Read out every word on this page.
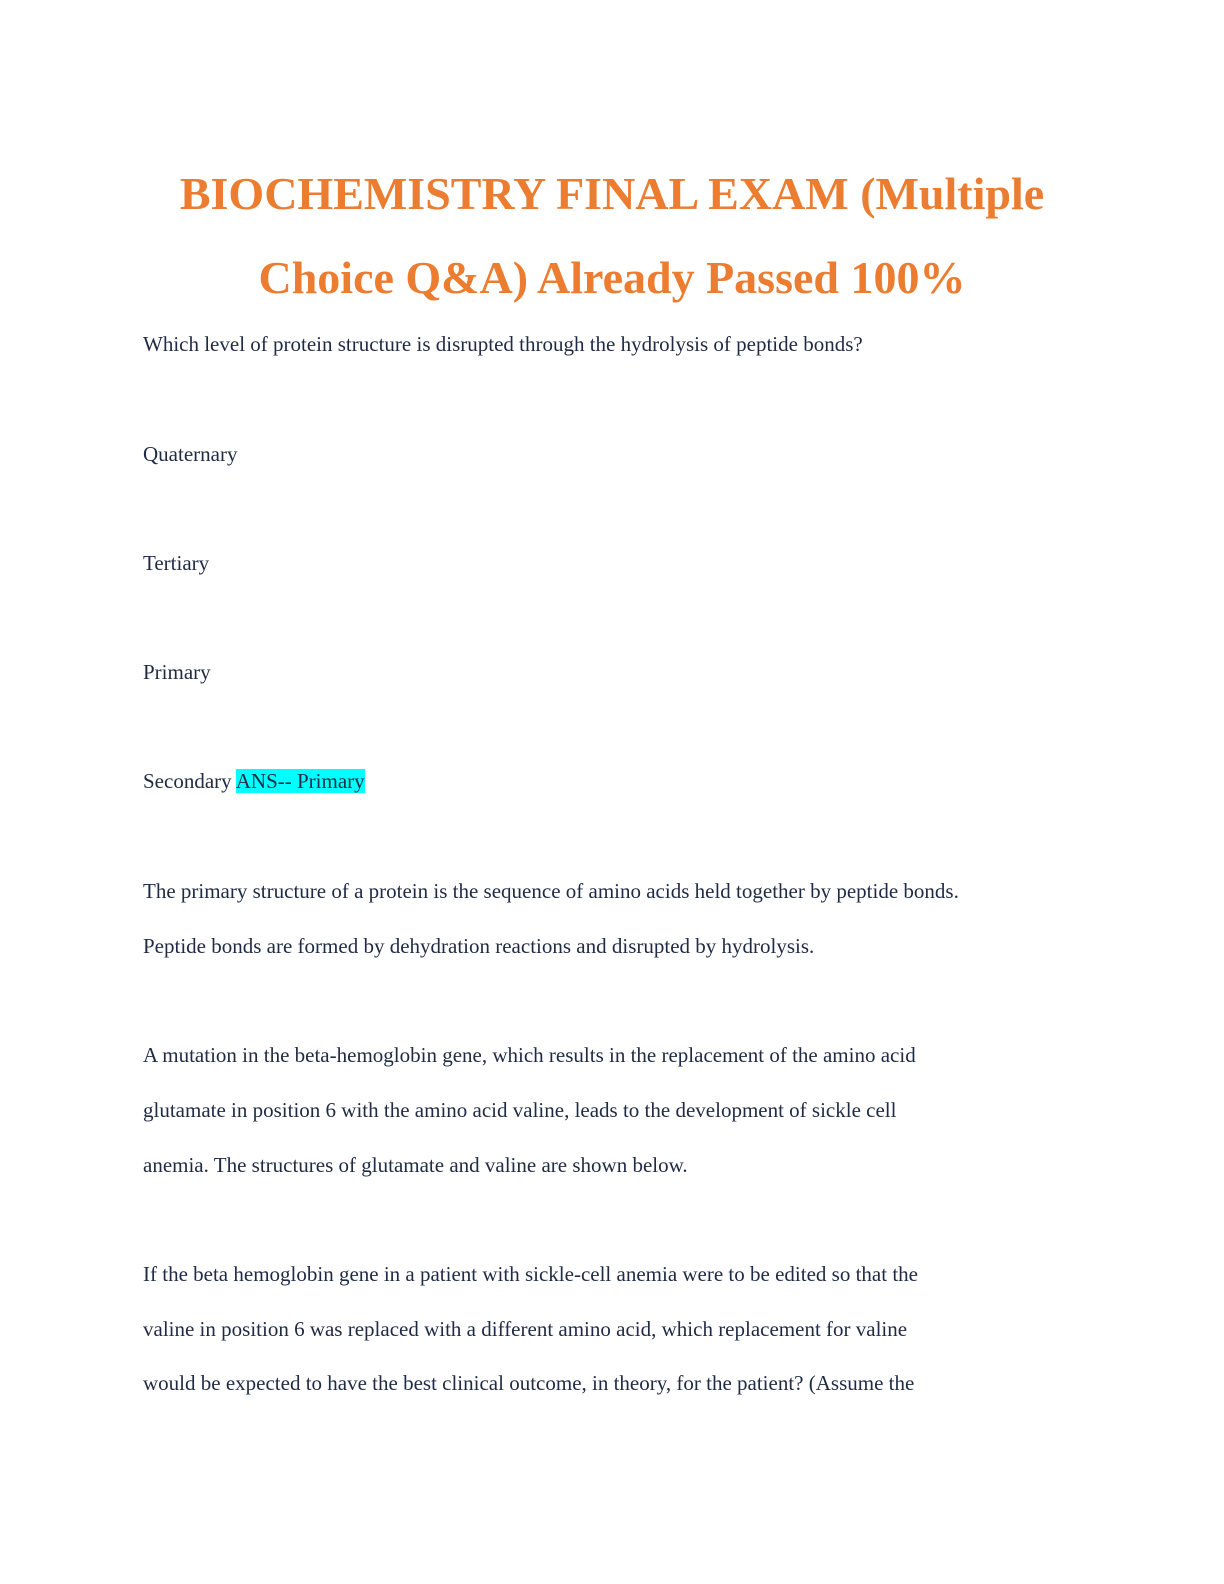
BIOCHEMISTRY FINAL EXAM (Multiple
Choice Q&A) Already Passed 100%

Which level of protein structure is disrupted through the hydrolysis of peptide bonds?

Quaternary

Tertiary

Primary

Secondary ANS-- Primary

The primary structure of a protein is the sequence of amino acids held together by peptide bonds.

Peptide bonds are formed by dehydration reactions and disrupted by hydrolysis.

A mutation in the beta-hemoglobin gene, which results in the replacement of the amino acid

glutamate in position 6 with the amino acid valine, leads to the development of sickle cell

anemia. The structures of glutamate and valine are shown below.

If the beta hemoglobin gene in a patient with sickle-cell anemia were to be edited so that the

valine in position 6 was replaced with a different amino acid, which replacement for valine

would be expected to have the best clinical outcome, in theory, for the patient? (Assume the
